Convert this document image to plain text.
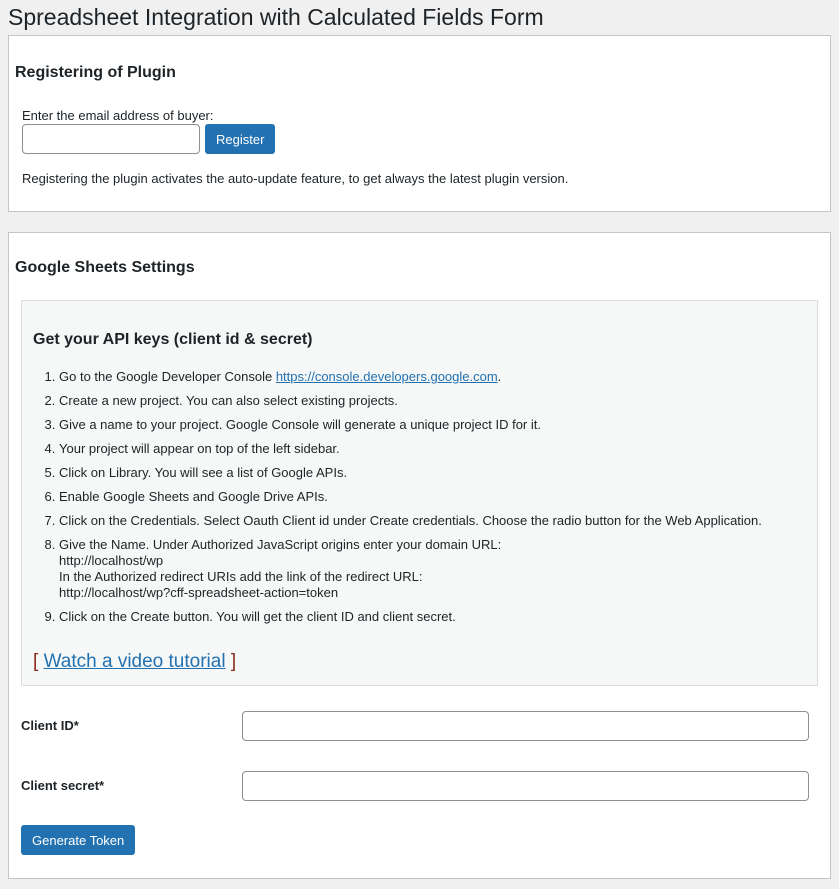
Spreadsheet Integration with Calculated Fields Form
Registering of Plugin
Enter the email address of buyer:
Register
Registering the plugin activates the auto-update feature, to get always the latest plugin version.
Google Sheets Settings
Get your API keys (client id & secret)
1. Go to the Google Developer Console https://console.developers.google.com.
2. Create a new project. You can also select existing projects.
3. Give a name to your project. Google Console will generate a unique project ID for it.
4. Your project will appear on top of the left sidebar.
5. Click on Library. You will see a list of Google APIs.
6. Enable Google Sheets and Google Drive APIs.
7. Click on the Credentials. Select Oauth Client id under Create credentials. Choose the radio button for the Web Application.
8. Give the Name. Under Authorized JavaScript origins enter your domain URL:
http://localhost/wp
In the Authorized redirect URIs add the link of the redirect URL:
http://localhost/wp?cff-spreadsheet-action=token
9. Click on the Create button. You will get the client ID and client secret.
[ Watch a video tutorial ]
Client ID*
Client secret*
Generate Token
